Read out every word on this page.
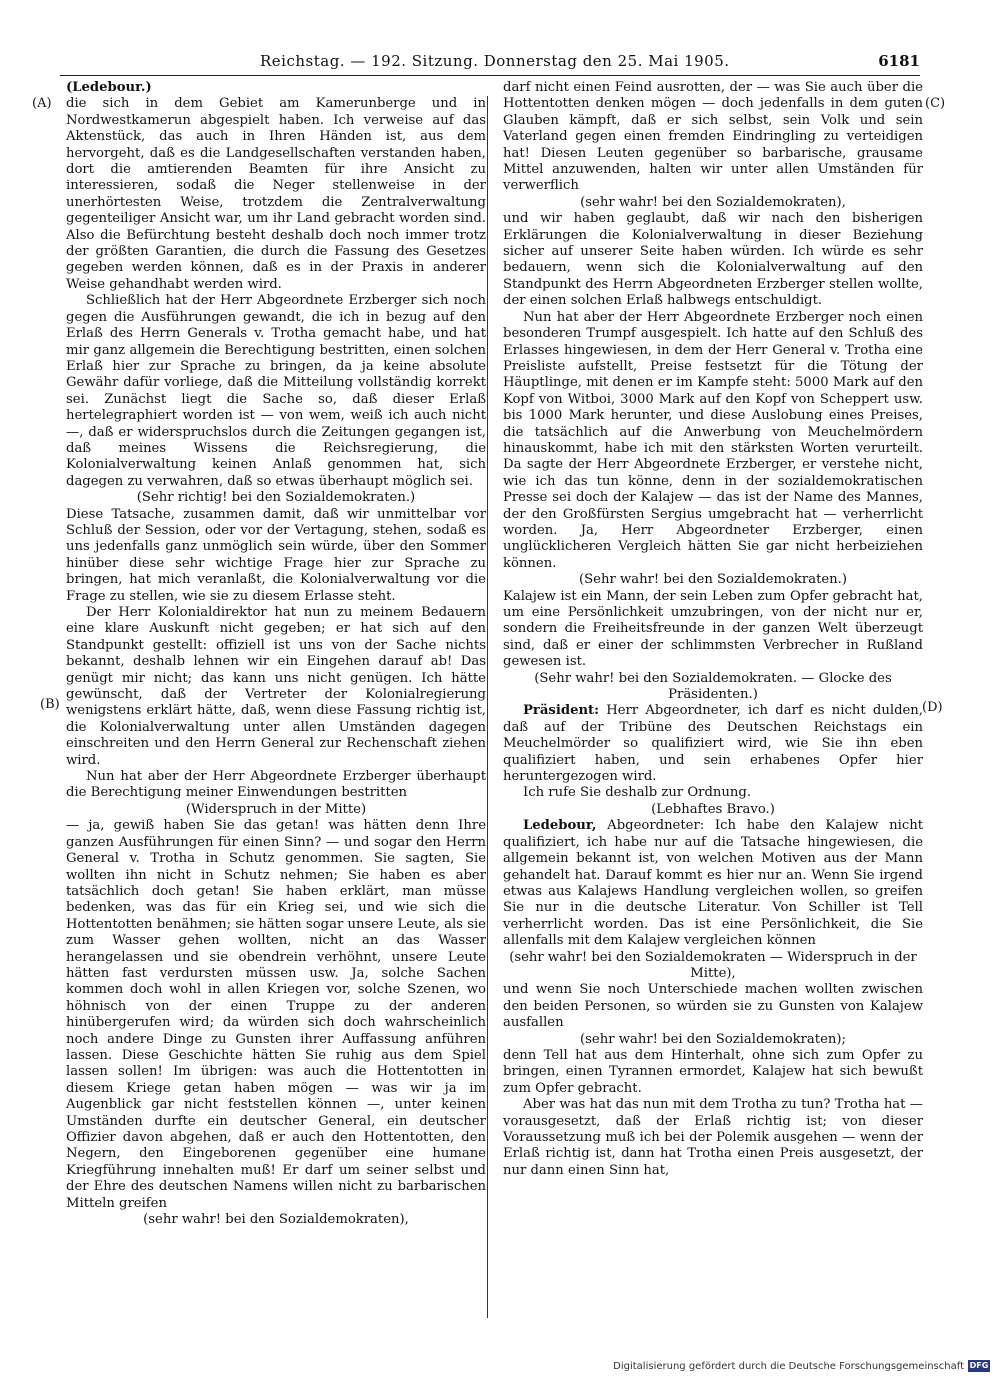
Reichstag. — 192. Sitzung. Donnerstag den 25. Mai 1905.	6181
(A)
(B)
(C)
(D)

(Ledebour.)

die sich in dem Gebiet am Kamerunberge und in Nordwestkamerun abgespielt haben. Ich verweise auf das Aktenstück, das auch in Ihren Händen ist, aus dem hervorgeht, daß es die Landgesellschaften verstanden haben, dort die amtierenden Beamten für ihre Ansicht zu interessieren, sodaß die Neger stellenweise in der unerhörtesten Weise, trotzdem die Zentralverwaltung gegenteiliger Ansicht war, um ihr Land gebracht worden sind. Also die Befürchtung besteht deshalb doch noch immer trotz der größten Garantien, die durch die Fassung des Gesetzes gegeben werden können, daß es in der Praxis in anderer Weise gehandhabt werden wird.

Schließlich hat der Herr Abgeordnete Erzberger sich noch gegen die Ausführungen gewandt, die ich in bezug auf den Erlaß des Herrn Generals v. Trotha gemacht habe, und hat mir ganz allgemein die Berechtigung bestritten, einen solchen Erlaß hier zur Sprache zu bringen, da ja keine absolute Gewähr dafür vorliege, daß die Mitteilung vollständig korrekt sei. Zunächst liegt die Sache so, daß dieser Erlaß hertelegraphiert worden ist — von wem, weiß ich auch nicht —, daß er widerspruchslos durch die Zeitungen gegangen ist, daß meines Wissens die Reichsregierung, die Kolonialverwaltung keinen Anlaß genommen hat, sich dagegen zu verwahren, daß so etwas überhaupt möglich sei.

(Sehr richtig! bei den Sozialdemokraten.)

Diese Tatsache, zusammen damit, daß wir unmittelbar vor Schluß der Session, oder vor der Vertagung, stehen, sodaß es uns jedenfalls ganz unmöglich sein würde, über den Sommer hinüber diese sehr wichtige Frage hier zur Sprache zu bringen, hat mich veranlaßt, die Kolonialverwaltung vor die Frage zu stellen, wie sie zu diesem Erlasse steht.

Der Herr Kolonialdirektor hat nun zu meinem Bedauern eine klare Auskunft nicht gegeben; er hat sich auf den Standpunkt gestellt: offiziell ist uns von der Sache nichts bekannt, deshalb lehnen wir ein Eingehen darauf ab! Das genügt mir nicht; das kann uns nicht genügen. Ich hätte gewünscht, daß der Vertreter der Kolonialregierung wenigstens erklärt hätte, daß, wenn diese Fassung richtig ist, die Kolonialverwaltung unter allen Umständen dagegen einschreiten und den Herrn General zur Rechenschaft ziehen wird.

Nun hat aber der Herr Abgeordnete Erzberger überhaupt die Berechtigung meiner Einwendungen bestritten

(Widerspruch in der Mitte)

— ja, gewiß haben Sie das getan! was hätten denn Ihre ganzen Ausführungen für einen Sinn? — und sogar den Herrn General v. Trotha in Schutz genommen. Sie sagten, Sie wollten ihn nicht in Schutz nehmen; Sie haben es aber tatsächlich doch getan! Sie haben erklärt, man müsse bedenken, was das für ein Krieg sei, und wie sich die Hottentotten benähmen; sie hätten sogar unsere Leute, als sie zum Wasser gehen wollten, nicht an das Wasser herangelassen und sie obendrein verhöhnt, unsere Leute hätten fast verdursten müssen usw. Ja, solche Sachen kommen doch wohl in allen Kriegen vor, solche Szenen, wo höhnisch von der einen Truppe zu der anderen hinübergerufen wird; da würden sich doch wahrscheinlich noch andere Dinge zu Gunsten ihrer Auffassung anführen lassen. Diese Geschichte hätten Sie ruhig aus dem Spiel lassen sollen! Im übrigen: was auch die Hottentotten in diesem Kriege getan haben mögen — was wir ja im Augenblick gar nicht feststellen können —, unter keinen Umständen durfte ein deutscher General, ein deutscher Offizier davon abgehen, daß er auch den Hottentotten, den Negern, den Eingeborenen gegenüber eine humane Kriegführung innehalten muß! Er darf um seiner selbst und der Ehre des deutschen Namens willen nicht zu barbarischen Mitteln greifen

(sehr wahr! bei den Sozialdemokraten),

darf nicht einen Feind ausrotten, der — was Sie auch über die Hottentotten denken mögen — doch jedenfalls in dem guten Glauben kämpft, daß er sich selbst, sein Volk und sein Vaterland gegen einen fremden Eindringling zu verteidigen hat! Diesen Leuten gegenüber so barbarische, grausame Mittel anzuwenden, halten wir unter allen Umständen für verwerflich

(sehr wahr! bei den Sozialdemokraten),

und wir haben geglaubt, daß wir nach den bisherigen Erklärungen die Kolonialverwaltung in dieser Beziehung sicher auf unserer Seite haben würden. Ich würde es sehr bedauern, wenn sich die Kolonialverwaltung auf den Standpunkt des Herrn Abgeordneten Erzberger stellen wollte, der einen solchen Erlaß halbwegs entschuldigt.

Nun hat aber der Herr Abgeordnete Erzberger noch einen besonderen Trumpf ausgespielt. Ich hatte auf den Schluß des Erlasses hingewiesen, in dem der Herr General v. Trotha eine Preisliste aufstellt, Preise festsetzt für die Tötung der Häuptlinge, mit denen er im Kampfe steht: 5000 Mark auf den Kopf von Witboi, 3000 Mark auf den Kopf von Scheppert usw. bis 1000 Mark herunter, und diese Auslobung eines Preises, die tatsächlich auf die Anwerbung von Meuchelmördern hinauskommt, habe ich mit den stärksten Worten verurteilt. Da sagte der Herr Abgeordnete Erzberger, er verstehe nicht, wie ich das tun könne, denn in der sozialdemokratischen Presse sei doch der Kalajew — das ist der Name des Mannes, der den Großfürsten Sergius umgebracht hat — verherrlicht worden. Ja, Herr Abgeordneter Erzberger, einen unglücklicheren Vergleich hätten Sie gar nicht herbeiziehen können.

(Sehr wahr! bei den Sozialdemokraten.)

Kalajew ist ein Mann, der sein Leben zum Opfer gebracht hat, um eine Persönlichkeit umzubringen, von der nicht nur er, sondern die Freiheitsfreunde in der ganzen Welt überzeugt sind, daß er einer der schlimmsten Verbrecher in Rußland gewesen ist.

(Sehr wahr! bei den Sozialdemokraten. — Glocke des Präsidenten.)

Präsident: Herr Abgeordneter, ich darf es nicht dulden, daß auf der Tribüne des Deutschen Reichstags ein Meuchelmörder so qualifiziert wird, wie Sie ihn eben qualifiziert haben, und sein erhabenes Opfer hier heruntergezogen wird.

Ich rufe Sie deshalb zur Ordnung.

(Lebhaftes Bravo.)

Ledebour, Abgeordneter: Ich habe den Kalajew nicht qualifiziert, ich habe nur auf die Tatsache hingewiesen, die allgemein bekannt ist, von welchen Motiven aus der Mann gehandelt hat. Darauf kommt es hier nur an. Wenn Sie irgend etwas aus Kalajews Handlung vergleichen wollen, so greifen Sie nur in die deutsche Literatur. Von Schiller ist Tell verherrlicht worden. Das ist eine Persönlichkeit, die Sie allenfalls mit dem Kalajew vergleichen können

(sehr wahr! bei den Sozialdemokraten — Widerspruch in der Mitte),

und wenn Sie noch Unterschiede machen wollten zwischen den beiden Personen, so würden sie zu Gunsten von Kalajew ausfallen

(sehr wahr! bei den Sozialdemokraten);

denn Tell hat aus dem Hinterhalt, ohne sich zum Opfer zu bringen, einen Tyrannen ermordet, Kalajew hat sich bewußt zum Opfer gebracht.

Aber was hat das nun mit dem Trotha zu tun? Trotha hat — vorausgesetzt, daß der Erlaß richtig ist; von dieser Voraussetzung muß ich bei der Polemik ausgehen — wenn der Erlaß richtig ist, dann hat Trotha einen Preis ausgesetzt, der nur dann einen Sinn hat,

Digitalisierung gefördert durch die Deutsche Forschungsgemeinschaft DFG
